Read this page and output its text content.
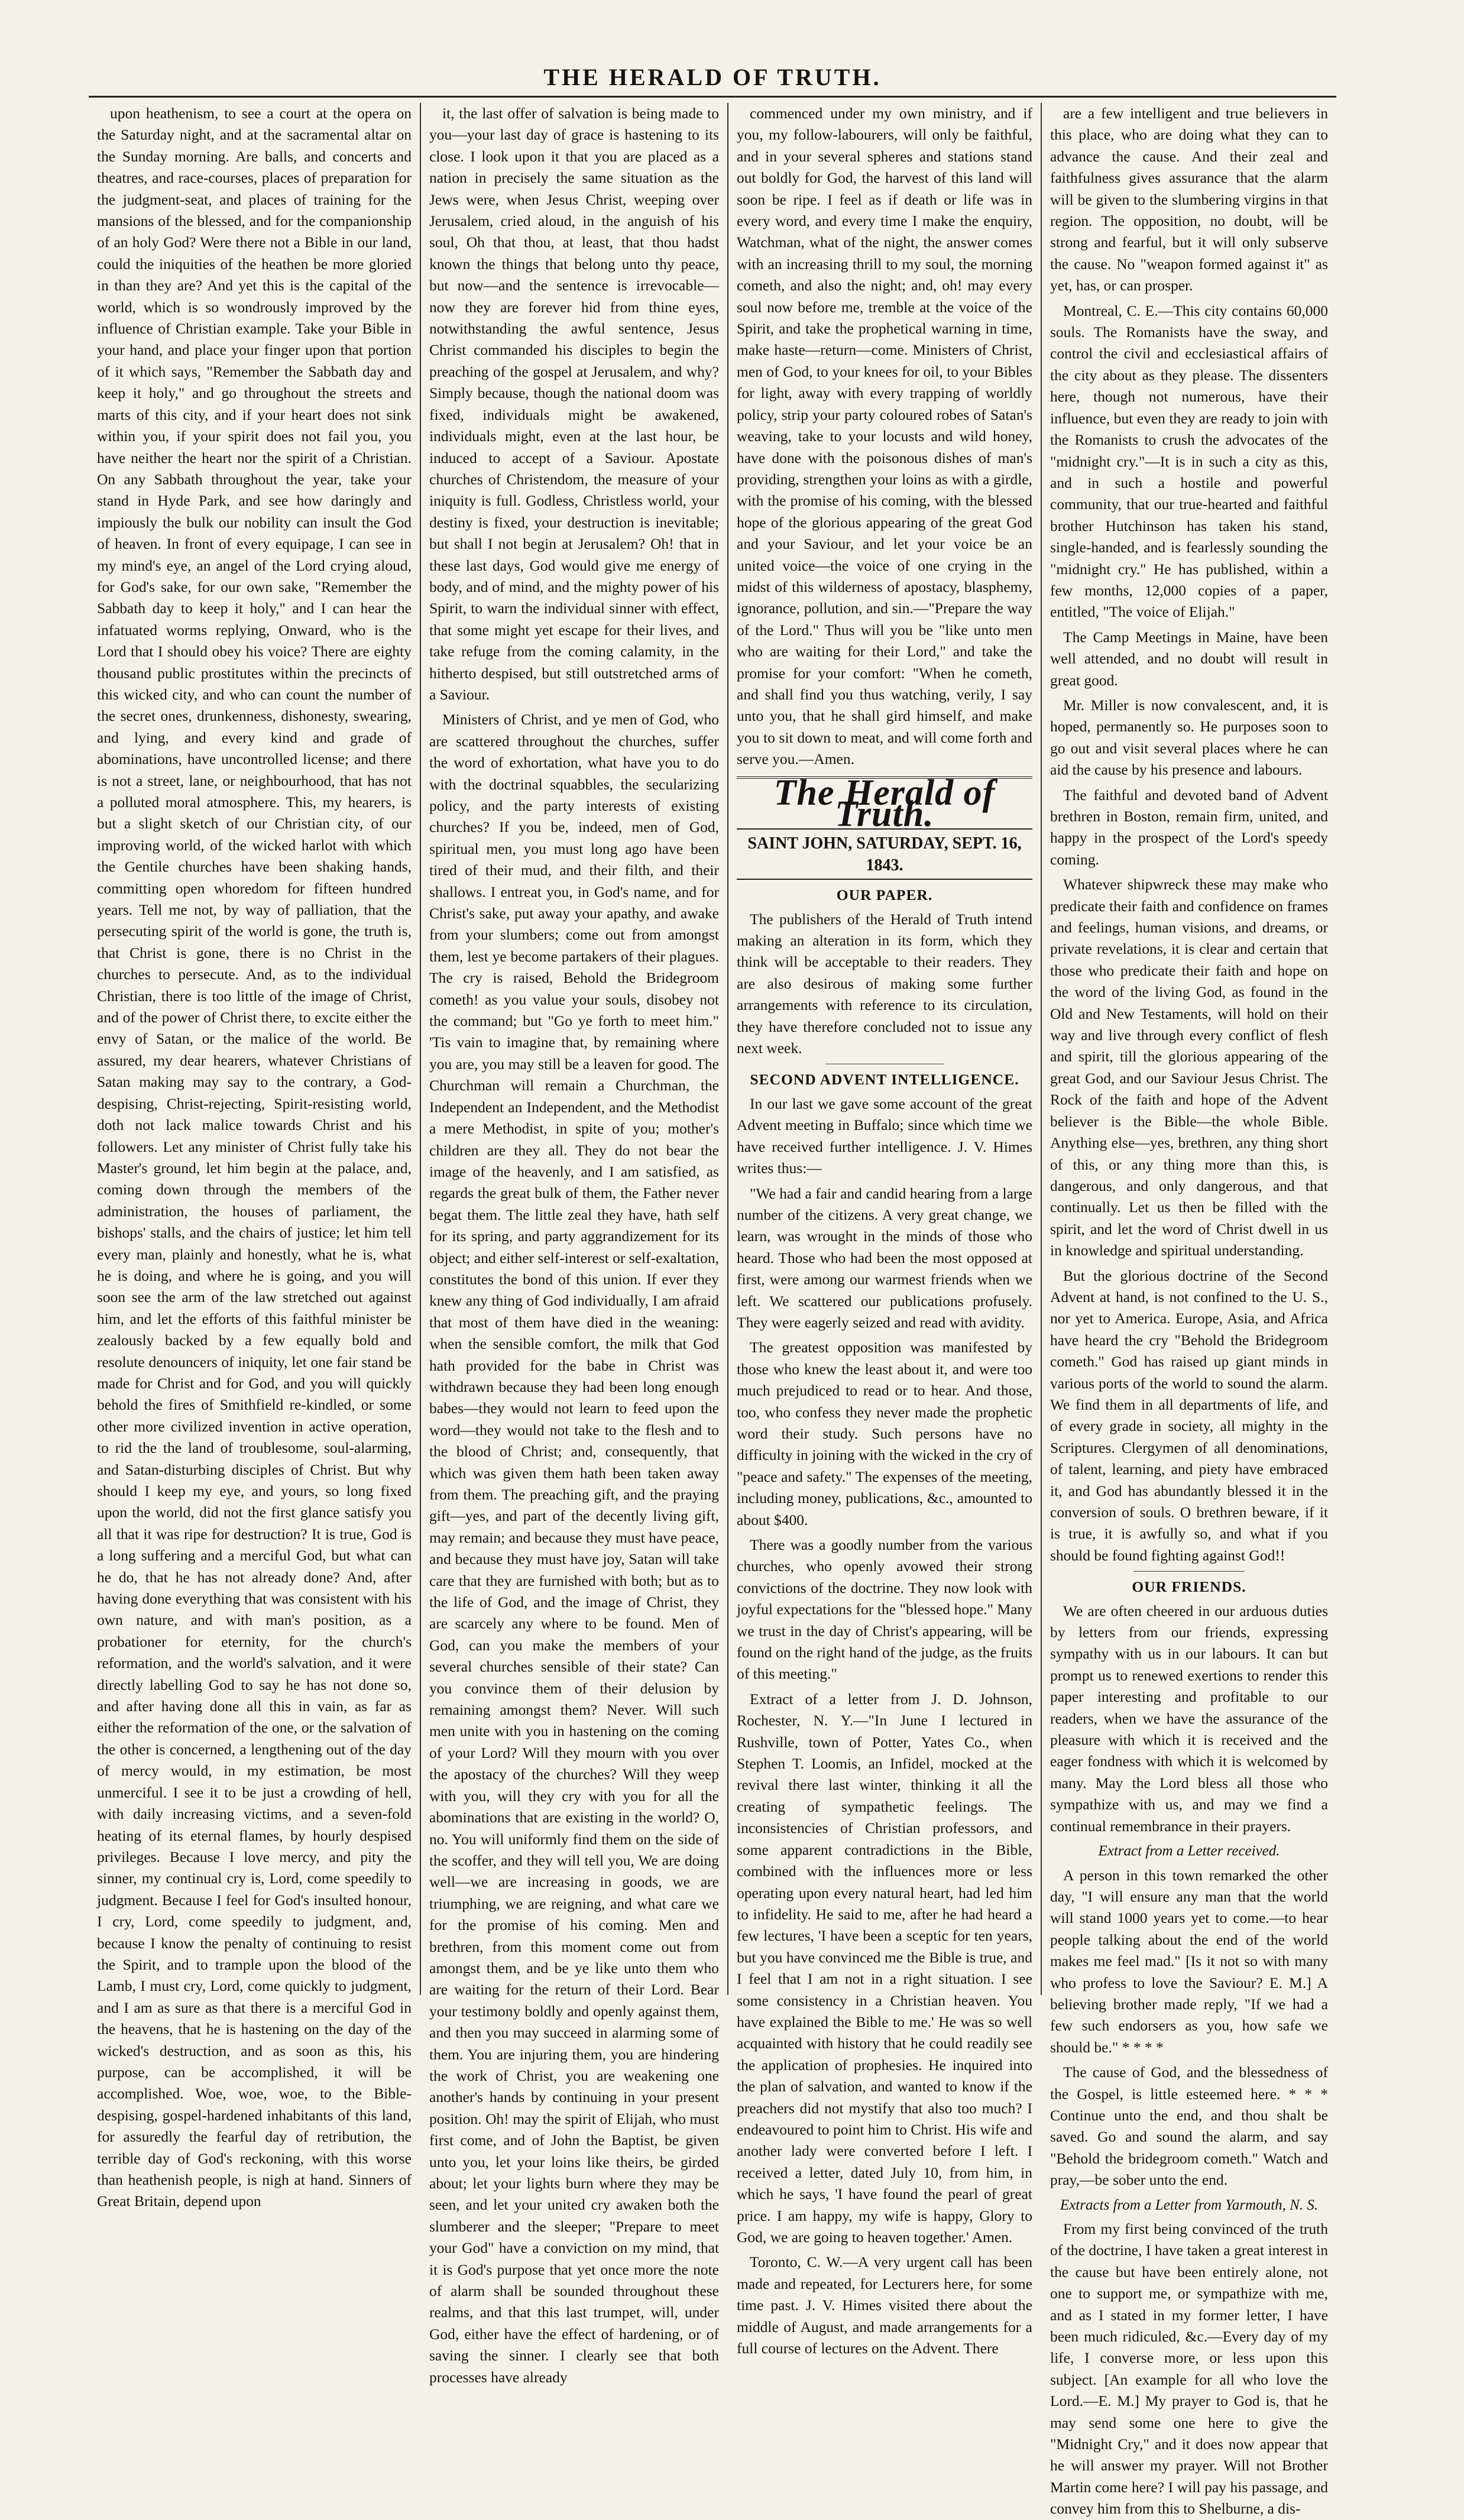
THE HERALD OF TRUTH.

upon heathenism, to see a court at the opera on the Saturday night, and at the sacramental altar on the Sunday morning. Are balls, and concerts and theatres, and race-courses, places of preparation for the judgment-seat, and places of training for the mansions of the blessed, and for the companionship of an holy God? Were there not a Bible in our land, could the iniquities of the heathen be more gloried in than they are? And yet this is the capital of the world, which is so wondrously improved by the influence of Christian example. Take your Bible in your hand, and place your finger upon that portion of it which says, "Remember the Sabbath day and keep it holy," and go throughout the streets and marts of this city, and if your heart does not sink within you, if your spirit does not fail you, you have neither the heart nor the spirit of a Christian. On any Sabbath throughout the year, take your stand in Hyde Park, and see how daringly and impiously the bulk our nobility can insult the God of heaven. In front of every equipage, I can see in my mind's eye, an angel of the Lord crying aloud, for God's sake, for our own sake, "Remember the Sabbath day to keep it holy," and I can hear the infatuated worms replying, Onward, who is the Lord that I should obey his voice? There are eighty thousand public prostitutes within the precincts of this wicked city, and who can count the number of the secret ones, drunkenness, dishonesty, swearing, and lying, and every kind and grade of abominations, have uncontrolled license; and there is not a street, lane, or neighbourhood, that has not a polluted moral atmosphere. This, my hearers, is but a slight sketch of our Christian city, of our improving world, of the wicked harlot with which the Gentile churches have been shaking hands, committing open whoredom for fifteen hundred years. Tell me not, by way of palliation, that the persecuting spirit of the world is gone, the truth is, that Christ is gone, there is no Christ in the churches to persecute. And, as to the individual Christian, there is too little of the image of Christ, and of the power of Christ there, to excite either the envy of Satan, or the malice of the world. Be assured, my dear hearers, whatever Christians of Satan making may say to the contrary, a God-despising, Christ-rejecting, Spirit-resisting world, doth not lack malice towards Christ and his followers. Let any minister of Christ fully take his Master's ground, let him begin at the palace, and, coming down through the members of the administration, the houses of parliament, the bishops' stalls, and the chairs of justice; let him tell every man, plainly and honestly, what he is, what he is doing, and where he is going, and you will soon see the arm of the law stretched out against him, and let the efforts of this faithful minister be zealously backed by a few equally bold and resolute denouncers of iniquity, let one fair stand be made for Christ and for God, and you will quickly behold the fires of Smithfield re-kindled, or some other more civilized invention in active operation, to rid the the land of troublesome, soul-alarming, and Satan-disturbing disciples of Christ. But why should I keep my eye, and yours, so long fixed upon the world, did not the first glance satisfy you all that it was ripe for destruction? It is true, God is a long suffering and a merciful God, but what can he do, that he has not already done? And, after having done everything that was consistent with his own nature, and with man's position, as a probationer for eternity, for the church's reformation, and the world's salvation, and it were directly labelling God to say he has not done so, and after having done all this in vain, as far as either the reformation of the one, or the salvation of the other is concerned, a lengthening out of the day of mercy would, in my estimation, be most unmerciful. I see it to be just a crowding of hell, with daily increasing victims, and a seven-fold heating of its eternal flames, by hourly despised privileges. Because I love mercy, and pity the sinner, my continual cry is, Lord, come speedily to judgment. Because I feel for God's insulted honour, I cry, Lord, come speedily to judgment, and, because I know the penalty of continuing to resist the Spirit, and to trample upon the blood of the Lamb, I must cry, Lord, come quickly to judgment, and I am as sure as that there is a merciful God in the heavens, that he is hastening on the day of the wicked's destruction, and as soon as this, his purpose, can be accomplished, it will be accomplished. Woe, woe, woe, to the Bible-despising, gospel-hardened inhabitants of this land, for assuredly the fearful day of retribution, the terrible day of God's reckoning, with this worse than heathenish people, is nigh at hand. Sinners of Great Britain, depend upon

it, the last offer of salvation is being made to you—your last day of grace is hastening to its close. I look upon it that you are placed as a nation in precisely the same situation as the Jews were, when Jesus Christ, weeping over Jerusalem, cried aloud, in the anguish of his soul, Oh that thou, at least, that thou hadst known the things that belong unto thy peace, but now—and the sentence is irrevocable—now they are forever hid from thine eyes, notwithstanding the awful sentence, Jesus Christ commanded his disciples to begin the preaching of the gospel at Jerusalem, and why? Simply because, though the national doom was fixed, individuals might be awakened, individuals might, even at the last hour, be induced to accept of a Saviour. Apostate churches of Christendom, the measure of your iniquity is full. Godless, Christless world, your destiny is fixed, your destruction is inevitable; but shall I not begin at Jerusalem? Oh! that in these last days, God would give me energy of body, and of mind, and the mighty power of his Spirit, to warn the individual sinner with effect, that some might yet escape for their lives, and take refuge from the coming calamity, in the hitherto despised, but still outstretched arms of a Saviour.

Ministers of Christ, and ye men of God, who are scattered throughout the churches, suffer the word of exhortation, what have you to do with the doctrinal squabbles, the secularizing policy, and the party interests of existing churches? If you be, indeed, men of God, spiritual men, you must long ago have been tired of their mud, and their filth, and their shallows. I entreat you, in God's name, and for Christ's sake, put away your apathy, and awake from your slumbers; come out from amongst them, lest ye become partakers of their plagues. The cry is raised, Behold the Bridegroom cometh! as you value your souls, disobey not the command; but "Go ye forth to meet him." 'Tis vain to imagine that, by remaining where you are, you may still be a leaven for good. The Churchman will remain a Churchman, the Independent an Independent, and the Methodist a mere Methodist, in spite of you; mother's children are they all. They do not bear the image of the heavenly, and I am satisfied, as regards the great bulk of them, the Father never begat them. The little zeal they have, hath self for its spring, and party aggrandizement for its object; and either self-interest or self-exaltation, constitutes the bond of this union. If ever they knew any thing of God individually, I am afraid that most of them have died in the weaning: when the sensible comfort, the milk that God hath provided for the babe in Christ was withdrawn because they had been long enough babes—they would not learn to feed upon the word—they would not take to the flesh and to the blood of Christ; and, consequently, that which was given them hath been taken away from them. The preaching gift, and the praying gift—yes, and part of the decently living gift, may remain; and because they must have peace, and because they must have joy, Satan will take care that they are furnished with both; but as to the life of God, and the image of Christ, they are scarcely any where to be found. Men of God, can you make the members of your several churches sensible of their state? Can you convince them of their delusion by remaining amongst them? Never. Will such men unite with you in hastening on the coming of your Lord? Will they mourn with you over the apostacy of the churches? Will they weep with you, will they cry with you for all the abominations that are existing in the world? O, no. You will uniformly find them on the side of the scoffer, and they will tell you, We are doing well—we are increasing in goods, we are triumphing, we are reigning, and what care we for the promise of his coming. Men and brethren, from this moment come out from amongst them, and be ye like unto them who are waiting for the return of their Lord. Bear your testimony boldly and openly against them, and then you may succeed in alarming some of them. You are injuring them, you are hindering the work of Christ, you are weakening one another's hands by continuing in your present position. Oh! may the spirit of Elijah, who must first come, and of John the Baptist, be given unto you, let your loins like theirs, be girded about; let your lights burn where they may be seen, and let your united cry awaken both the slumberer and the sleeper; "Prepare to meet your God" have a conviction on my mind, that it is God's purpose that yet once more the note of alarm shall be sounded throughout these realms, and that this last trumpet, will, under God, either have the effect of hardening, or of saving the sinner. I clearly see that both processes have already

commenced under my own ministry, and if you, my follow-labourers, will only be faithful, and in your several spheres and stations stand out boldly for God, the harvest of this land will soon be ripe. I feel as if death or life was in every word, and every time I make the enquiry, Watchman, what of the night, the answer comes with an increasing thrill to my soul, the morning cometh, and also the night; and, oh! may every soul now before me, tremble at the voice of the Spirit, and take the prophetical warning in time, make haste—return—come. Ministers of Christ, men of God, to your knees for oil, to your Bibles for light, away with every trapping of worldly policy, strip your party coloured robes of Satan's weaving, take to your locusts and wild honey, have done with the poisonous dishes of man's providing, strengthen your loins as with a girdle, with the promise of his coming, with the blessed hope of the glorious appearing of the great God and your Saviour, and let your voice be an united voice—the voice of one crying in the midst of this wilderness of apostacy, blasphemy, ignorance, pollution, and sin.—"Prepare the way of the Lord." Thus will you be "like unto men who are waiting for their Lord," and take the promise for your comfort: "When he cometh, and shall find you thus watching, verily, I say unto you, that he shall gird himself, and make you to sit down to meat, and will come forth and serve you.—Amen.

The Herald of Truth.
SAINT JOHN, SATURDAY, SEPT. 16, 1843.
OUR PAPER.

The publishers of the Herald of Truth intend making an alteration in its form, which they think will be acceptable to their readers. They are also desirous of making some further arrangements with reference to its circulation, they have therefore concluded not to issue any next week.

SECOND ADVENT INTELLIGENCE.

In our last we gave some account of the great Advent meeting in Buffalo; since which time we have received further intelligence. J. V. Himes writes thus:—

"We had a fair and candid hearing from a large number of the citizens. A very great change, we learn, was wrought in the minds of those who heard. Those who had been the most opposed at first, were among our warmest friends when we left. We scattered our publications profusely. They were eagerly seized and read with avidity.

The greatest opposition was manifested by those who knew the least about it, and were too much prejudiced to read or to hear. And those, too, who confess they never made the prophetic word their study. Such persons have no difficulty in joining with the wicked in the cry of "peace and safety." The expenses of the meeting, including money, publications, &c., amounted to about $400.

There was a goodly number from the various churches, who openly avowed their strong convictions of the doctrine. They now look with joyful expectations for the "blessed hope." Many we trust in the day of Christ's appearing, will be found on the right hand of the judge, as the fruits of this meeting."

Extract of a letter from J. D. Johnson, Rochester, N. Y.—"In June I lectured in Rushville, town of Potter, Yates Co., when Stephen T. Loomis, an Infidel, mocked at the revival there last winter, thinking it all the creating of sympathetic feelings. The inconsistencies of Christian professors, and some apparent contradictions in the Bible, combined with the influences more or less operating upon every natural heart, had led him to infidelity. He said to me, after he had heard a few lectures, 'I have been a sceptic for ten years, but you have convinced me the Bible is true, and I feel that I am not in a right situation. I see some consistency in a Christian heaven. You have explained the Bible to me.' He was so well acquainted with history that he could readily see the application of prophesies. He inquired into the plan of salvation, and wanted to know if the preachers did not mystify that also too much? I endeavoured to point him to Christ. His wife and another lady were converted before I left. I received a letter, dated July 10, from him, in which he says, 'I have found the pearl of great price. I am happy, my wife is happy, Glory to God, we are going to heaven together.' Amen.

Toronto, C. W.—A very urgent call has been made and repeated, for Lecturers here, for some time past. J. V. Himes visited there about the middle of August, and made arrangements for a full course of lectures on the Advent. There

are a few intelligent and true believers in this place, who are doing what they can to advance the cause. And their zeal and faithfulness gives assurance that the alarm will be given to the slumbering virgins in that region. The opposition, no doubt, will be strong and fearful, but it will only subserve the cause. No "weapon formed against it" as yet, has, or can prosper.

Montreal, C. E.—This city contains 60,000 souls. The Romanists have the sway, and control the civil and ecclesiastical affairs of the city about as they please. The dissenters here, though not numerous, have their influence, but even they are ready to join with the Romanists to crush the advocates of the "midnight cry."—It is in such a city as this, and in such a hostile and powerful community, that our true-hearted and faithful brother Hutchinson has taken his stand, single-handed, and is fearlessly sounding the "midnight cry." He has published, within a few months, 12,000 copies of a paper, entitled, "The voice of Elijah."

The Camp Meetings in Maine, have been well attended, and no doubt will result in great good.

Mr. Miller is now convalescent, and, it is hoped, permanently so. He purposes soon to go out and visit several places where he can aid the cause by his presence and labours.

The faithful and devoted band of Advent brethren in Boston, remain firm, united, and happy in the prospect of the Lord's speedy coming.

Whatever shipwreck these may make who predicate their faith and confidence on frames and feelings, human visions, and dreams, or private revelations, it is clear and certain that those who predicate their faith and hope on the word of the living God, as found in the Old and New Testaments, will hold on their way and live through every conflict of flesh and spirit, till the glorious appearing of the great God, and our Saviour Jesus Christ. The Rock of the faith and hope of the Advent believer is the Bible—the whole Bible. Anything else—yes, brethren, any thing short of this, or any thing more than this, is dangerous, and only dangerous, and that continually. Let us then be filled with the spirit, and let the word of Christ dwell in us in knowledge and spiritual understanding.

But the glorious doctrine of the Second Advent at hand, is not confined to the U. S., nor yet to America. Europe, Asia, and Africa have heard the cry "Behold the Bridegroom cometh." God has raised up giant minds in various ports of the world to sound the alarm. We find them in all departments of life, and of every grade in society, all mighty in the Scriptures. Clergymen of all denominations, of talent, learning, and piety have embraced it, and God has abundantly blessed it in the conversion of souls. O brethren beware, if it is true, it is awfully so, and what if you should be found fighting against God!!

OUR FRIENDS.

We are often cheered in our arduous duties by letters from our friends, expressing sympathy with us in our labours. It can but prompt us to renewed exertions to render this paper interesting and profitable to our readers, when we have the assurance of the pleasure with which it is received and the eager fondness with which it is welcomed by many. May the Lord bless all those who sympathize with us, and may we find a continual remembrance in their prayers.

Extract from a Letter received.

A person in this town remarked the other day, "I will ensure any man that the world will stand 1000 years yet to come.—to hear people talking about the end of the world makes me feel mad." [Is it not so with many who profess to love the Saviour? E. M.] A believing brother made reply, "If we had a few such endorsers as you, how safe we should be." * * * *

The cause of God, and the blessedness of the Gospel, is little esteemed here. * * * Continue unto the end, and thou shalt be saved. Go and sound the alarm, and say "Behold the bridegroom cometh." Watch and pray,—be sober unto the end.

Extracts from a Letter from Yarmouth, N. S.

From my first being convinced of the truth of the doctrine, I have taken a great interest in the cause but have been entirely alone, not one to support me, or sympathize with me, and as I stated in my former letter, I have been much ridiculed, &c.—Every day of my life, I converse more, or less upon this subject. [An example for all who love the Lord.—E. M.] My prayer to God is, that he may send some one here to give the "Midnight Cry," and it does now appear that he will answer my prayer. Will not Brother Martin come here? I will pay his passage, and convey him from this to Shelburne, a dis-
